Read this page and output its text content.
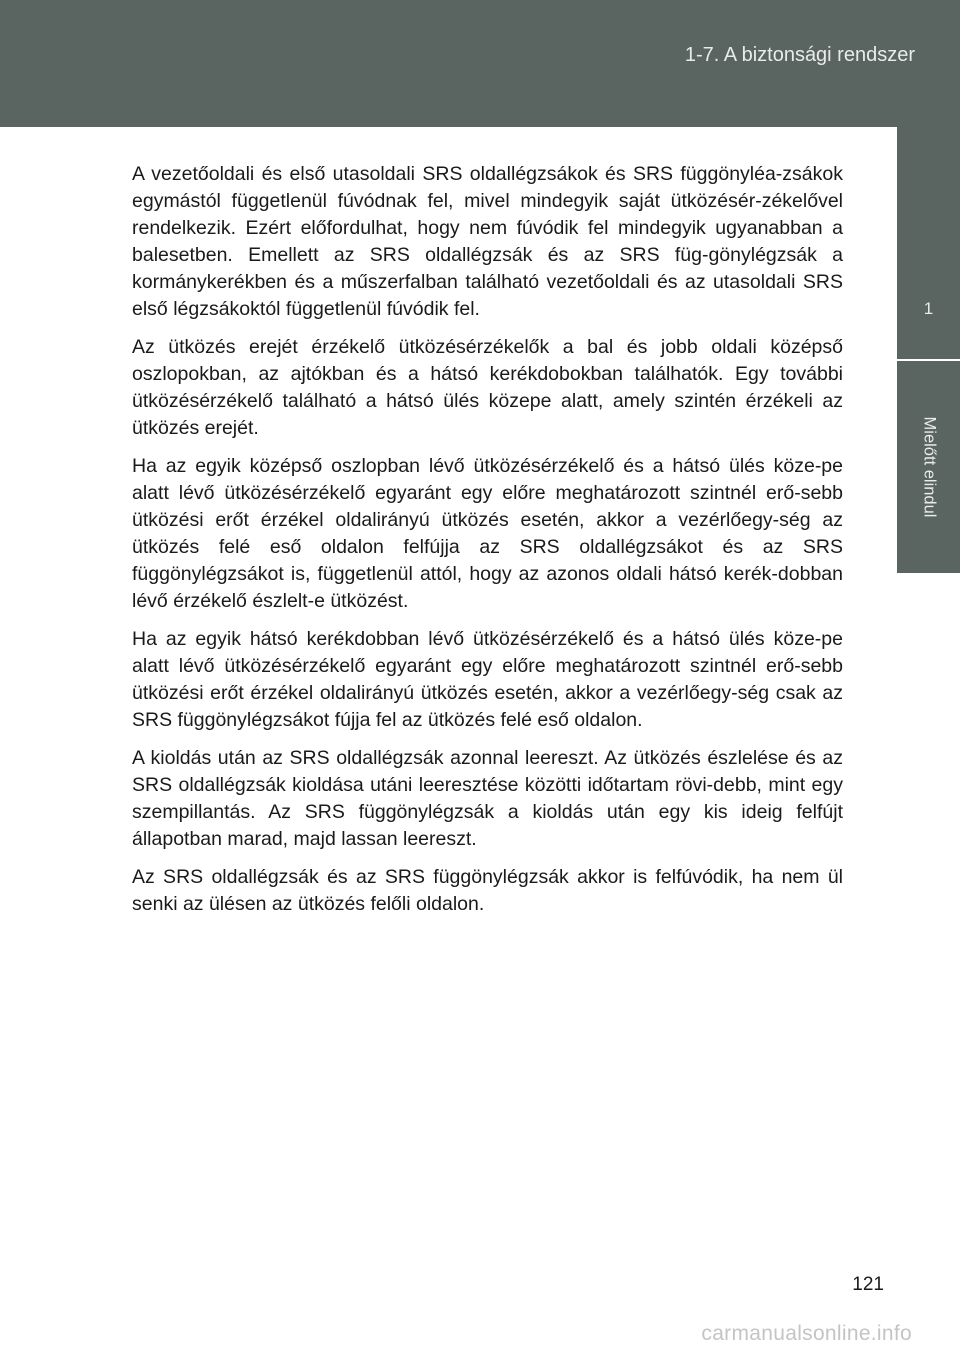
1-7. A biztonsági rendszer
1
Mielőtt elindul

A vezetőoldali és első utasoldali SRS oldallégzsákok és SRS függönyléa-zsákok egymástól függetlenül fúvódnak fel, mivel mindegyik saját ütközésér-zékelővel rendelkezik. Ezért előfordulhat, hogy nem fúvódik fel mindegyik ugyanabban a balesetben. Emellett az SRS oldallégzsák és az SRS füg-gönylégzsák a kormánykerékben és a műszerfalban található vezetőoldali és az utasoldali SRS első légzsákoktól függetlenül fúvódik fel.

Az ütközés erejét érzékelő ütközésérzékelők a bal és jobb oldali középső oszlopokban, az ajtókban és a hátsó kerékdobokban találhatók. Egy további ütközésérzékelő található a hátsó ülés közepe alatt, amely szintén érzékeli az ütközés erejét.

Ha az egyik középső oszlopban lévő ütközésérzékelő és a hátsó ülés köze-pe alatt lévő ütközésérzékelő egyaránt egy előre meghatározott szintnél erő-sebb ütközési erőt érzékel oldalirányú ütközés esetén, akkor a vezérlőegy-ség az ütközés felé eső oldalon felfújja az SRS oldallégzsákot és az SRS függönylégzsákot is, függetlenül attól, hogy az azonos oldali hátsó kerék-dobban lévő érzékelő észlelt-e ütközést.

Ha az egyik hátsó kerékdobban lévő ütközésérzékelő és a hátsó ülés köze-pe alatt lévő ütközésérzékelő egyaránt egy előre meghatározott szintnél erő-sebb ütközési erőt érzékel oldalirányú ütközés esetén, akkor a vezérlőegy-ség csak az SRS függönylégzsákot fújja fel az ütközés felé eső oldalon.

A kioldás után az SRS oldallégzsák azonnal leereszt. Az ütközés észlelése és az SRS oldallégzsák kioldása utáni leeresztése közötti időtartam rövi-debb, mint egy szempillantás. Az SRS függönylégzsák a kioldás után egy kis ideig felfújt állapotban marad, majd lassan leereszt.

Az SRS oldallégzsák és az SRS függönylégzsák akkor is felfúvódik, ha nem ül senki az ülésen az ütközés felőli oldalon.

121
carmanualsonline.info
